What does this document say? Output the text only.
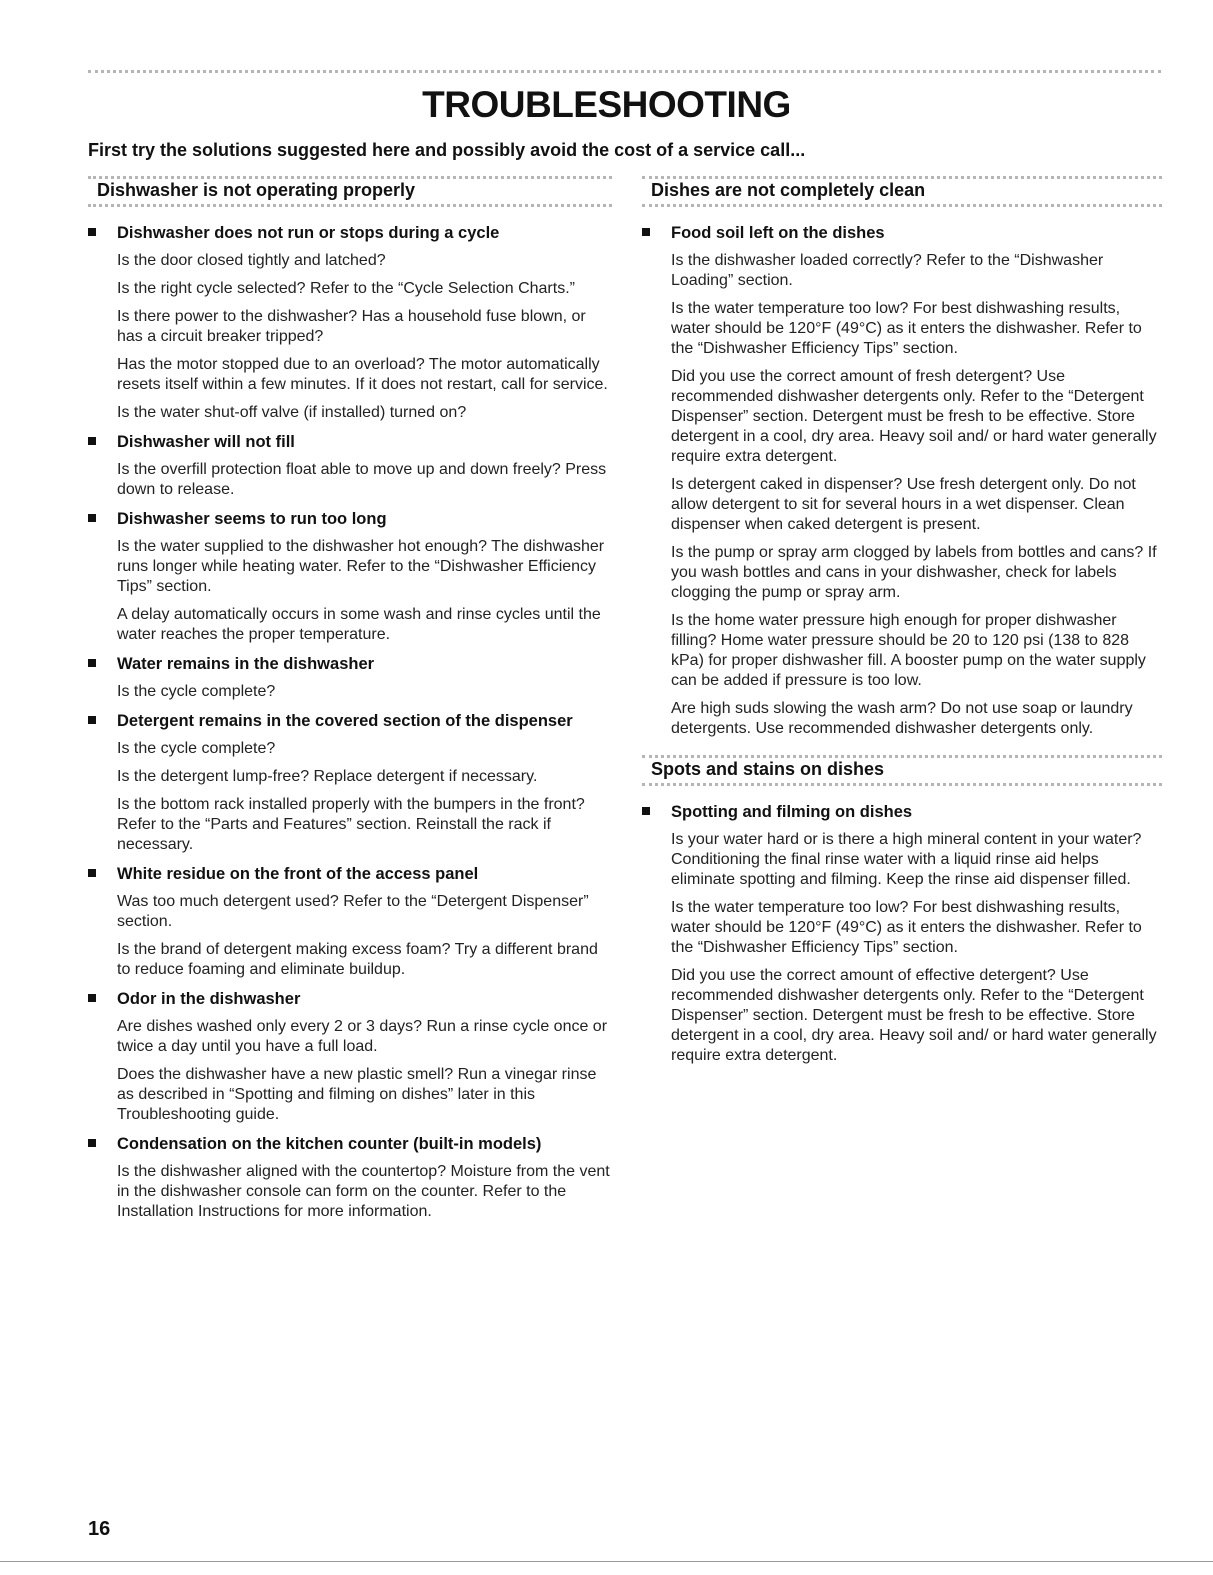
TROUBLESHOOTING

First try the solutions suggested here and possibly avoid the cost of a service call...

Dishwasher is not operating properly
Dishwasher does not run or stops during a cycle

Is the door closed tightly and latched?

Is the right cycle selected? Refer to the “Cycle Selection Charts.”

Is there power to the dishwasher? Has a household fuse blown, or has a circuit breaker tripped?

Has the motor stopped due to an overload? The motor automatically resets itself within a few minutes. If it does not restart, call for service.

Is the water shut-off valve (if installed) turned on?

Dishwasher will not fill

Is the overfill protection float able to move up and down freely? Press down to release.

Dishwasher seems to run too long

Is the water supplied to the dishwasher hot enough? The dishwasher runs longer while heating water. Refer to the “Dishwasher Efficiency Tips” section.

A delay automatically occurs in some wash and rinse cycles until the water reaches the proper temperature.

Water remains in the dishwasher

Is the cycle complete?

Detergent remains in the covered section of the dispenser

Is the cycle complete?

Is the detergent lump-free? Replace detergent if necessary.

Is the bottom rack installed properly with the bumpers in the front? Refer to the “Parts and Features” section. Reinstall the rack if necessary.

White residue on the front of the access panel

Was too much detergent used? Refer to the “Detergent Dispenser” section.

Is the brand of detergent making excess foam? Try a different brand to reduce foaming and eliminate buildup.

Odor in the dishwasher

Are dishes washed only every 2 or 3 days? Run a rinse cycle once or twice a day until you have a full load.

Does the dishwasher have a new plastic smell? Run a vinegar rinse as described in “Spotting and filming on dishes” later in this Troubleshooting guide.

Condensation on the kitchen counter (built-in models)

Is the dishwasher aligned with the countertop? Moisture from the vent in the dishwasher console can form on the counter. Refer to the Installation Instructions for more information.

Dishes are not completely clean
Food soil left on the dishes

Is the dishwasher loaded correctly? Refer to the “Dishwasher Loading” section.

Is the water temperature too low? For best dishwashing results, water should be 120°F (49°C) as it enters the dishwasher. Refer to the “Dishwasher Efficiency Tips” section.

Did you use the correct amount of fresh detergent? Use recommended dishwasher detergents only. Refer to the “Detergent Dispenser” section. Detergent must be fresh to be effective. Store detergent in a cool, dry area. Heavy soil and/ or hard water generally require extra detergent.

Is detergent caked in dispenser? Use fresh detergent only. Do not allow detergent to sit for several hours in a wet dispenser. Clean dispenser when caked detergent is present.

Is the pump or spray arm clogged by labels from bottles and cans? If you wash bottles and cans in your dishwasher, check for labels clogging the pump or spray arm.

Is the home water pressure high enough for proper dishwasher filling? Home water pressure should be 20 to 120 psi (138 to 828 kPa) for proper dishwasher fill. A booster pump on the water supply can be added if pressure is too low.

Are high suds slowing the wash arm? Do not use soap or laundry detergents. Use recommended dishwasher detergents only.

Spots and stains on dishes
Spotting and filming on dishes

Is your water hard or is there a high mineral content in your water? Conditioning the final rinse water with a liquid rinse aid helps eliminate spotting and filming. Keep the rinse aid dispenser filled.

Is the water temperature too low? For best dishwashing results, water should be 120°F (49°C) as it enters the dishwasher. Refer to the “Dishwasher Efficiency Tips” section.

Did you use the correct amount of effective detergent? Use recommended dishwasher detergents only. Refer to the “Detergent Dispenser” section. Detergent must be fresh to be effective. Store detergent in a cool, dry area. Heavy soil and/ or hard water generally require extra detergent.

16
